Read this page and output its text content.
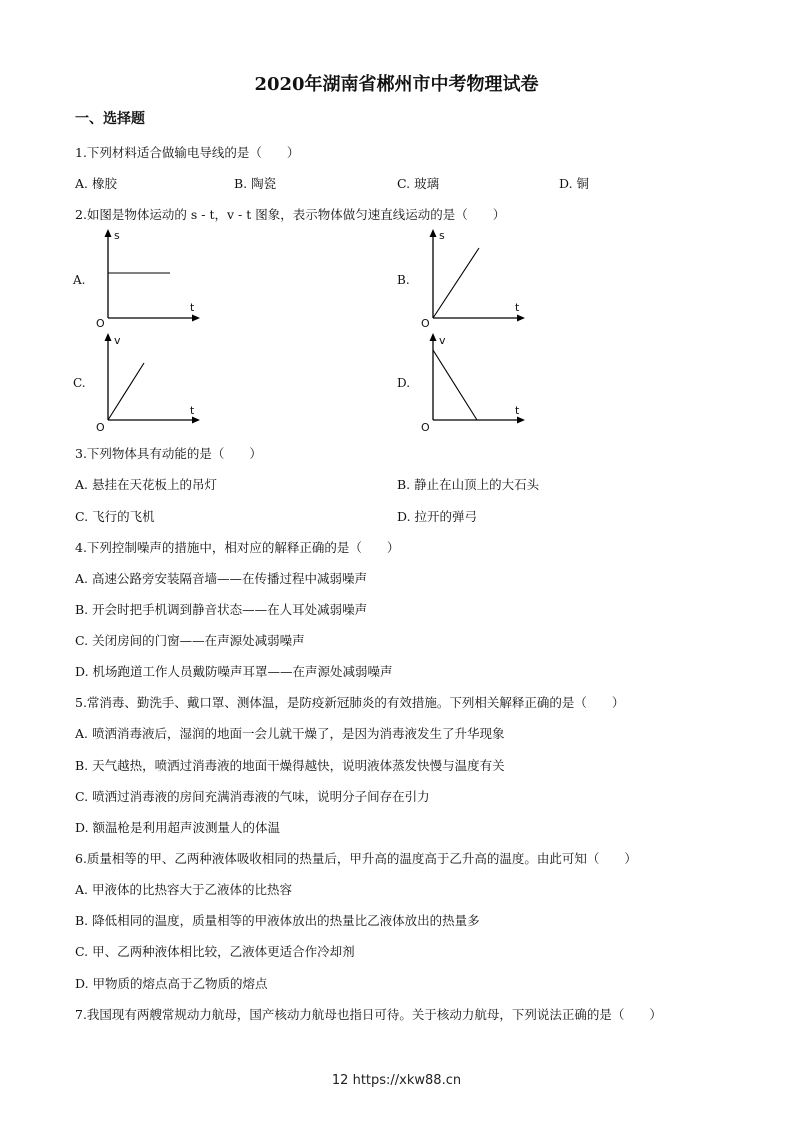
2020年湖南省郴州市中考物理试卷
一、选择题
1.下列材料适合做输电导线的是（　　）
A. 橡胶	B. 陶瓷	C. 玻璃	D. 铜
2.如图是物体运动的 s - t，v - t 图象，表示物体做匀速直线运动的是（　　）
A.
s
t
O
B.
s
t
O
C.
v
t
O
D.
v
t
O
3.下列物体具有动能的是（　　）
A. 悬挂在天花板上的吊灯	B. 静止在山顶上的大石头
C. 飞行的飞机	D. 拉开的弹弓
4.下列控制噪声的措施中，相对应的解释正确的是（　　）
A. 高速公路旁安装隔音墙——在传播过程中减弱噪声
B. 开会时把手机调到静音状态——在人耳处减弱噪声
C. 关闭房间的门窗——在声源处减弱噪声
D. 机场跑道工作人员戴防噪声耳罩——在声源处减弱噪声
5.常消毒、勤洗手、戴口罩、测体温，是防疫新冠肺炎的有效措施。下列相关解释正确的是（　　）
A. 喷洒消毒液后，湿润的地面一会儿就干燥了，是因为消毒液发生了升华现象
B. 天气越热，喷洒过消毒液的地面干燥得越快，说明液体蒸发快慢与温度有关
C. 喷洒过消毒液的房间充满消毒液的气味，说明分子间存在引力
D. 额温枪是利用超声波测量人的体温
6.质量相等的甲、乙两种液体吸收相同的热量后，甲升高的温度高于乙升高的温度。由此可知（　　）
A. 甲液体的比热容大于乙液体的比热容
B. 降低相同的温度，质量相等的甲液体放出的热量比乙液体放出的热量多
C. 甲、乙两种液体相比较，乙液体更适合作冷却剂
D. 甲物质的熔点高于乙物质的熔点
7.我国现有两艘常规动力航母，国产核动力航母也指日可待。关于核动力航母，下列说法正确的是（　　）
12 https://xkw88.cn
